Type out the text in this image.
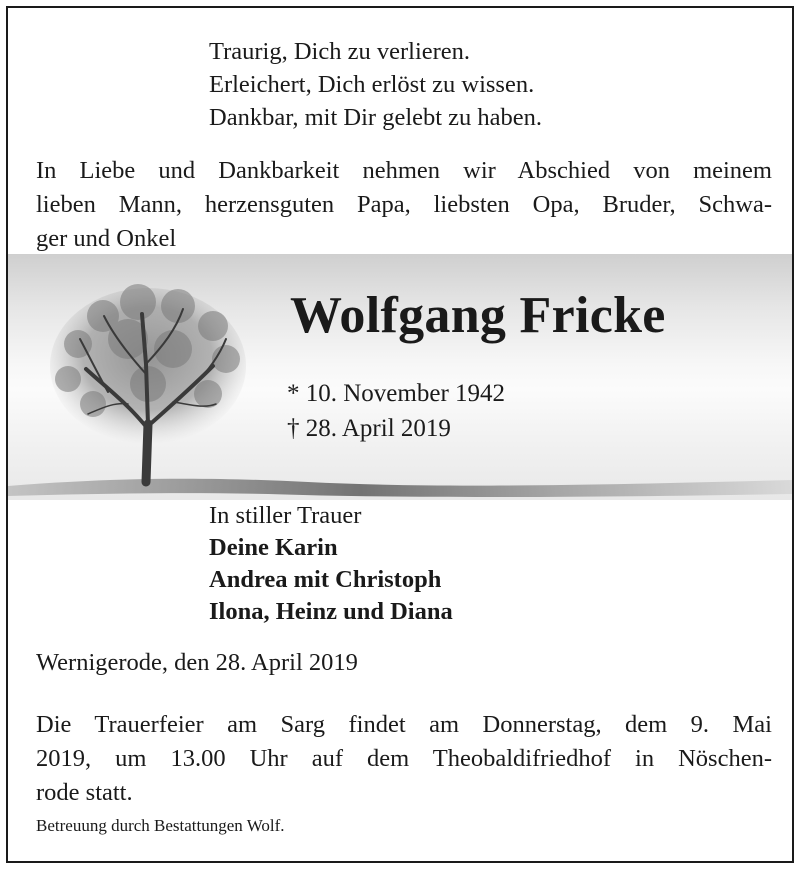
Traurig, Dich zu verlieren.
Erleichert, Dich erlöst zu wissen.
Dankbar, mit Dir gelebt zu haben.
In Liebe und Dankbarkeit nehmen wir Abschied von meinem
lieben Mann, herzensguten Papa, liebsten Opa, Bruder, Schwa-
ger und Onkel
Wolfgang Fricke
* 10. November 1942
† 28. April 2019
In stiller Trauer
Deine Karin
Andrea mit Christoph
Ilona, Heinz und Diana
Wernigerode, den 28. April 2019
Die Trauerfeier am Sarg findet am Donnerstag, dem 9. Mai
2019, um 13.00 Uhr auf dem Theobaldifriedhof in Nöschen-
rode statt.
Betreuung durch Bestattungen Wolf.
